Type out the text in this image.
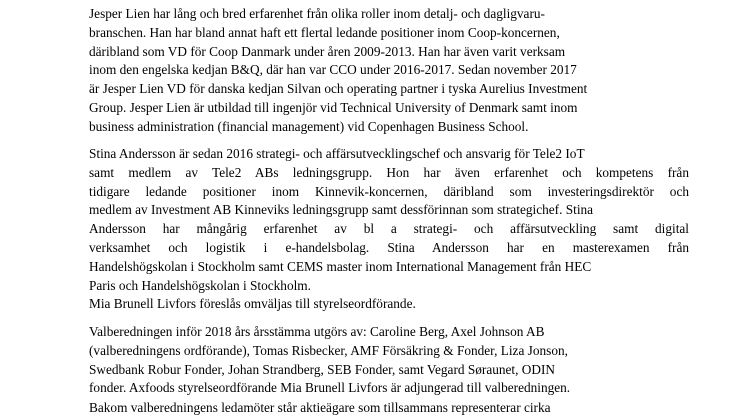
Jesper Lien har lång och bred erfarenhet från olika roller inom detalj- och dagligvaru-
branschen. Han har bland annat haft ett flertal ledande positioner inom Coop-koncernen,
däribland som VD för Coop Danmark under åren 2009-2013. Han har även varit verksam
inom den engelska kedjan B&Q, där han var CCO under 2016-2017. Sedan november 2017
är Jesper Lien VD för danska kedjan Silvan och operating partner i tyska Aurelius Investment
Group. Jesper Lien är utbildad till ingenjör vid Technical University of Denmark samt inom
business administration (financial management) vid Copenhagen Business School.

Stina Andersson är sedan 2016 strategi- och affärsutvecklingschef och ansvarig för Tele2 IoT
samt medlem av Tele2 ABs ledningsgrupp. Hon har även erfarenhet och kompetens från
tidigare ledande positioner inom Kinnevik-koncernen, däribland som investeringsdirektör och
medlem av Investment AB Kinneviks ledningsgrupp samt dessförinnan som strategichef. Stina
Andersson har mångårig erfarenhet av bl a strategi- och affärsutveckling samt digital
verksamhet och logistik i e-handelsbolag. Stina Andersson har en masterexamen från
Handelshögskolan i Stockholm samt CEMS master inom International Management från HEC
Paris och Handelshögskolan i Stockholm.

Mia Brunell Livfors föreslås omväljas till styrelseordförande.

Valberedningen inför 2018 års årsstämma utgörs av: Caroline Berg, Axel Johnson AB
(valberedningens ordförande), Tomas Risbecker, AMF Försäkring & Fonder, Liza Jonson,
Swedbank Robur Fonder, Johan Strandberg, SEB Fonder, samt Vegard Søraunet, ODIN
fonder. Axfoods styrelseordförande Mia Brunell Livfors är adjungerad till valberedningen.

Bakom valberedningens ledamöter står aktieägare som tillsammans representerar cirka
